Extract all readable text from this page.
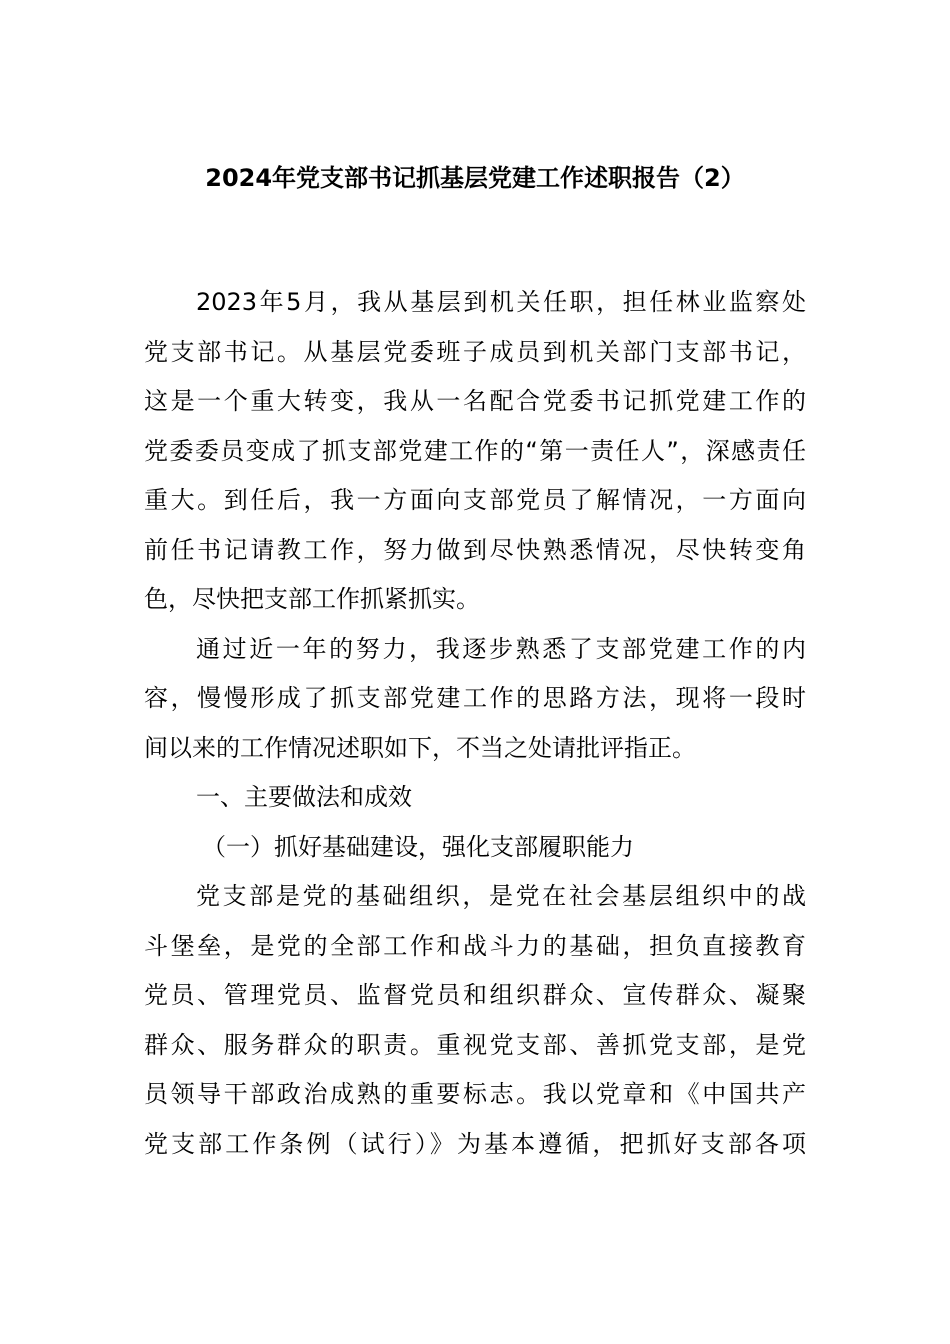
2024年党支部书记抓基层党建工作述职报告（2）
2023年5月，我从基层到机关任职，担任林业监察处
党支部书记。从基层党委班子成员到机关部门支部书记，
这是一个重大转变，我从一名配合党委书记抓党建工作的
党委委员变成了抓支部党建工作的“第一责任人”，深感责任
重大。到任后，我一方面向支部党员了解情况，一方面向
前任书记请教工作，努力做到尽快熟悉情况，尽快转变角
色，尽快把支部工作抓紧抓实。
通过近一年的努力，我逐步熟悉了支部党建工作的内
容，慢慢形成了抓支部党建工作的思路方法，现将一段时
间以来的工作情况述职如下，不当之处请批评指正。
一、主要做法和成效
（一）抓好基础建设，强化支部履职能力
党支部是党的基础组织，是党在社会基层组织中的战
斗堡垒，是党的全部工作和战斗力的基础，担负直接教育
党员、管理党员、监督党员和组织群众、宣传群众、凝聚
群众、服务群众的职责。重视党支部、善抓党支部，是党
员领导干部政治成熟的重要标志。我以党章和《中国共产
党支部工作条例（试行）》为基本遵循，把抓好支部各项
